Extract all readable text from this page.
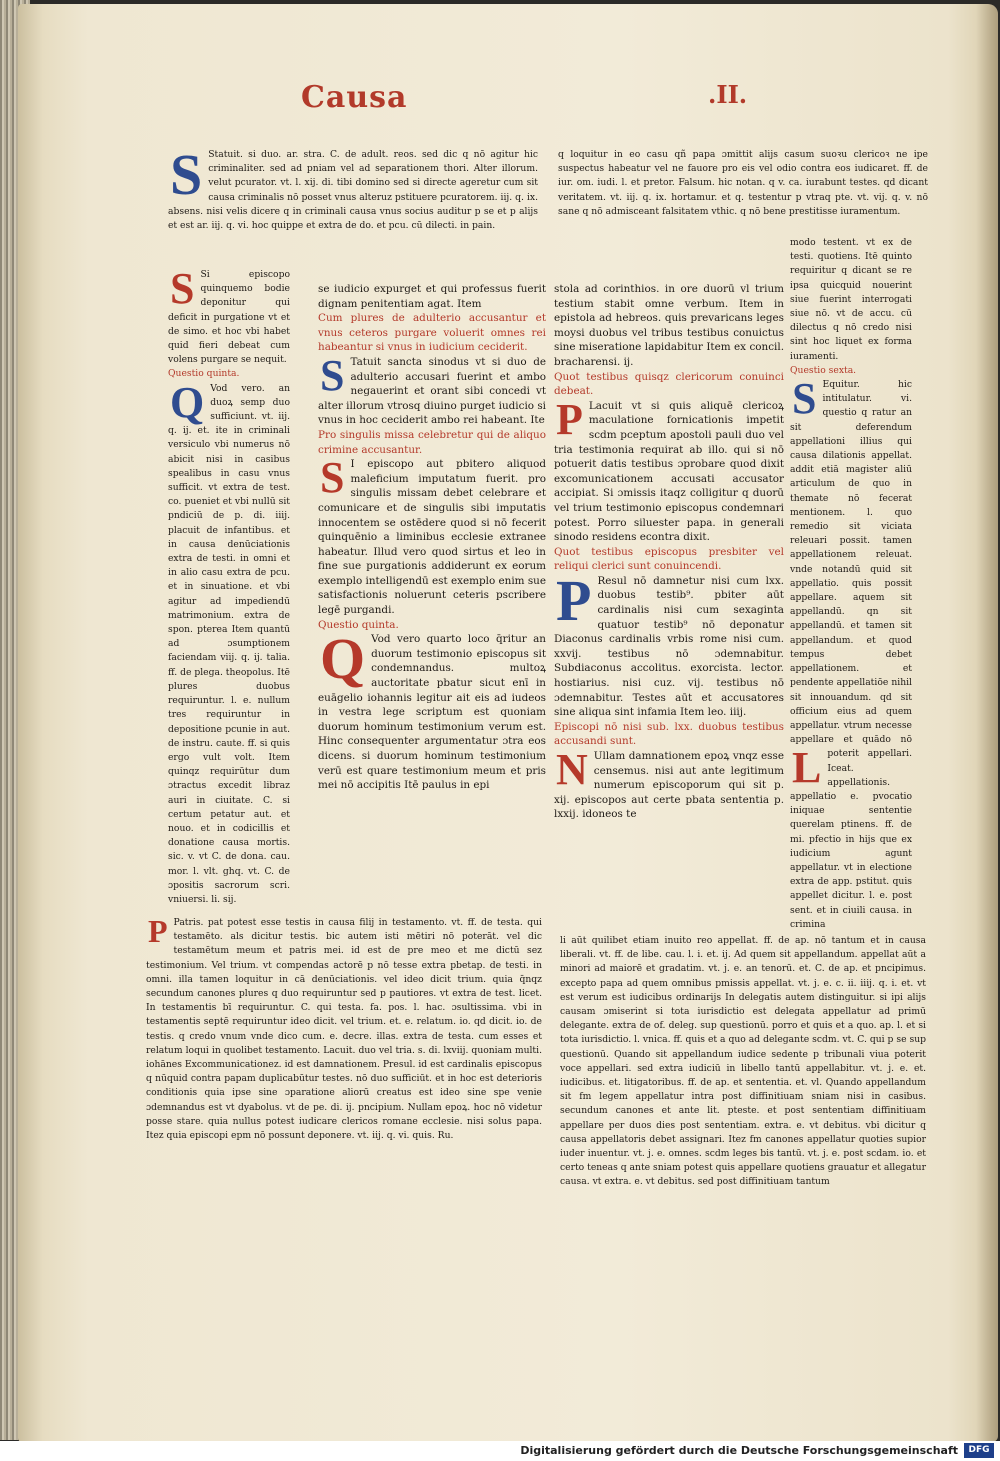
Causa	.II.
S Statuit. si duo. ar. stra. C. de adult. reos. sed dic q nō agitur hic criminaliter. sed ad pniam vel ad separationem thori. Alter illorum. velut pcurator. vt. l. xij. di. tibi domino sed si directe ageretur cum sit causa criminalis nō posset vnus alteruz pstituere pcuratorem. iij. q. ix. absens. nisi velis dicere q in criminali causa vnus socius auditur p se et p alijs et est ar. iij. q. vi. hoc quippe et extra de do. et pcu. cū dilecti. in pain.
q loquitur in eo casu qñ papa ɔmittit alijs casum suoꝛu clericoꝛ ne ipe suspectus habeatur vel ne fauore pro eis vel odio contra eos iudicaret. ff. de iur. om. iudi. l. et pretor. Falsum. hic notan. q v. ca. iurabunt testes. qd dicant veritatem. vt. iij. q. ix. hortamur. et q. testentur p vtraq pte. vt. vij. q. v. nō sane q nō admisceant falsitatem vthic. q nō bene prestitisse iuramentum.
S Si episcopo quinquemo bodie deponitur qui deficit in purgatione vt et de simo. et hoc vbi habet quid fieri debeat cum volens purgare se nequit.
Questio quinta.
Q Vod vero. an duoꝝ semp duo sufficiunt. vt. iij. q. ij. et. ite in criminali versiculo vbi numerus nō abicit nisi in casibus spealibus in casu vnus sufficit. vt extra de test. co. pueniet et vbi nullū sit pndiciū de p. di. iiij. placuit de infantibus. et in causa denūciationis extra de testi. in omni et in alio casu extra de pcu. et in sinuatione. et vbi agitur ad impediendū matrimonium. extra de spon. pterea Item quantū ad ɔsumptionem faciendam viij. q. ij. talia. ff. de plega. theopolus. Itē plures duobus requiruntur. l. e. nullum tres requiruntur in depositione pcunie in aut. de instru. caute. ff. si quis ergo vult volt. Item quinqz requirūtur dum ɔtractus excedit libraz auri in ciuitate. C. si certum petatur aut. et nouo. et in codicillis et donatione causa mortis. sic. v. vt C. de dona. cau. mor. l. vlt. ghq. vt. C. de ɔpositis sacrorum scri. vniuersi. li. sij.
se iudicio expurget et qui professus fuerit dignam penitentiam agat. Item
Cum plures de adulterio accusantur et vnus ceteros purgare voluerit omnes rei habeantur si vnus in iudicium ceciderit.
S Tatuit sancta sinodus vt si duo de adulterio accusari fuerint et ambo negauerint et orant sibi concedi vt alter illorum vtrosq diuino purget iudicio si vnus in hoc ceciderit ambo rei habeant. Ite
Pro singulis missa celebretur qui de aliquo crimine accusantur.
S I episcopo aut pbitero aliquod maleficium imputatum fuerit. pro singulis missam debet celebrare et comunicare et de singulis sibi imputatis innocentem se ostēdere quod si nō fecerit quinquēnio a liminibus ecclesie extranee habeatur. Illud vero quod sirtus et leo in fine sue purgationis addiderunt ex eorum exemplo intelligendū est exemplo enim sue satisfactionis noluerunt ceteris pscribere legē purgandi.
Questio quinta.
Q Vod vero quarto loco q̄ritur an duorum testimonio episcopus sit condemnandus. multoꝝ auctoritate pbatur sicut enī in euāgelio iohannis legitur ait eis ad iudeos in vestra lege scriptum est quoniam duorum hominum testimonium verum est. Hinc consequenter argumentatur ɔtra eos dicens. si duorum hominum testimonium verū est quare testimonium meum et pris mei nō accipitis Itē paulus in epi
stola ad corinthios. in ore duorū vl trium testium stabit omne verbum. Item in epistola ad hebreos. quis prevaricans leges moysi duobus vel tribus testibus conuictus sine miseratione lapidabitur Item ex concil. bracharensi. ij.
Quot testibus quisqz clericorum conuinci debeat.
P Lacuit vt si quis aliquē clericoꝝ maculatione fornicationis impetit scdm pceptum apostoli pauli duo vel tria testimonia requirat ab illo. qui si nō potuerit datis testibus ɔprobare quod dixit excomunicationem accusati accusator accipiat. Si ɔmissis itaqz colligitur q duorū vel trium testimonio episcopus condemnari potest. Porro siluester papa. in generali sinodo residens econtra dixit.
Quot testibus episcopus presbiter vel reliqui clerici sunt conuincendi.
P Resul nō damnetur nisi cum lxx. duobus testib⁹. pbiter aūt cardinalis nisi cum sexaginta quatuor testib⁹ nō deponatur Diaconus cardinalis vrbis rome nisi cum. xxvij. testibus nō ɔdemnabitur. Subdiaconus accolitus. exorcista. lector. hostiarius. nisi cuz. vij. testibus nō ɔdemnabitur. Testes aūt et accusatores sine aliqua sint infamia Item leo. iiij.
Episcopi nō nisi sub. lxx. duobus testibus accusandi sunt.
N Ullam damnationem epoꝝ vnqz esse censemus. nisi aut ante legitimum numerum episcoporum qui sit p. xij. episcopos aut certe pbata sententia p. lxxij. idoneos te
modo testent. vt ex de testi. quotiens. Itē quinto requiritur q dicant se re ipsa quicquid nouerint siue fuerint interrogati siue nō. vt de accu. cū dilectus q nō credo nisi sint hoc liquet ex forma iuramenti.
Questio sexta.
S Equitur. hic intitulatur. vi. questio q ratur an sit deferendum appellationi illius qui causa dilationis appellat. addit etiā magister aliū articulum de quo in themate nō fecerat mentionem. l. quo remedio sit viciata releuari possit. tamen appellationem releuat. vnde notandū quid sit appellatio. quis possit appellare. aquem sit appellandū. qn sit appellandū. et tamen sit appellandum. et quod tempus debet appellationem. et pendente appellatiōe nihil sit innouandum. qd sit officium eius ad quem appellatur. vtrum necesse appellare et quādo nō poterit appellari.
L Iceat. appellationis. appellatio e. pvocatio iniquae sententie querelam ptinens. ff. de mi. pfectio in hijs que ex iudicium agunt appellatur. vt in electione extra de app. pstitut. quis appellet dicitur. l. e. post sent. et in ciuili causa. in crimina
P Patris. pat potest esse testis in causa filij in testamento. vt. ff. de testa. qui testamēto. als dicitur testis. bic autem isti mētiri nō poterāt. vel dic testamētum meum et patris mei. id est de pre meo et me dictū sez testimonium. Vel trium. vt compendas actorē p nō tesse extra pbetap. de testi. in omni. illa tamen loquitur in cā denūciationis. vel ideo dicit trium. quia q̄nqz secundum canones plures q duo requiruntur sed p pautiores. vt extra de test. licet. In testamentis bī requiruntur. C. qui testa. fa. pos. l. hac. ɔsultissima. vbi in testamentis septē requiruntur ideo dicit. vel trium. et. e. relatum. io. qd dicit. io. de testis. q credo vnum vnde dico cum. e. decre. illas. extra de testa. cum esses et relatum loqui in quolibet testamento. Lacuit. duo vel tria. s. di. lxviij. quoniam multi. iohānes Excommunicationez. id est damnationem. Presul. id est cardinalis episcopus q nūquid contra papam duplicabūtur testes. nō duo sufficiūt. et in hoc est deterioris conditionis quia ipse sine ɔparatione aliorū creatus est ideo sine spe venie ɔdemnandus est vt dyabolus. vt de pe. di. ij. pncipium. Nullam epoꝝ. hoc nō videtur posse stare. quia nullus potest iudicare clericos romane ecclesie. nisi solus papa. Itez quia episcopi epm nō possunt deponere. vt. iij. q. vi. quis. Ru.
li aūt quilibet etiam inuito reo appellat. ff. de ap. nō tantum et in causa liberali. vt. ff. de libe. cau. l. i. et. ij. Ad quem sit appellandum. appellat aūt a minori ad maiorē et gradatim. vt. j. e. an tenorū. et. C. de ap. et pncipimus. excepto papa ad quem omnibus pmissis appellat. vt. j. e. c. ii. iiij. q. i. et. vt est verum est iudicibus ordinarijs In delegatis autem distinguitur. si ipi alijs causam ɔmiserint si tota iurisdictio est delegata appellatur ad primū delegante. extra de of. deleg. sup questionū. porro et quis et a quo. ap. l. et si tota iurisdictio. l. vnica. ff. quis et a quo ad delegante scdm. vt. C. qui p se sup questionū. Quando sit appellandum iudice sedente p tribunali viua poterit voce appellari. sed extra iudiciū in libello tantū appellabitur. vt. j. e. et. iudicibus. et. litigatoribus. ff. de ap. et sententia. et. vl. Quando appellandum sit fm legem appellatur intra post diffinitiuam sniam nisi in casibus. secundum canones et ante lit. pteste. et post sententiam diffinitiuam appellare per duos dies post sententiam. extra. e. vt debitus. vbi dicitur q causa appellatoris debet assignari. Itez fm canones appellatur quoties supior iuder inuentur. vt. j. e. omnes. scdm leges bis tantū. vt. j. e. post scdam. io. et certo teneas q ante sniam potest quis appellare quotiens grauatur et allegatur causa. vt extra. e. vt debitus. sed post diffinitiuam tantum
Digitalisierung gefördert durch die Deutsche Forschungsgemeinschaft	DFG
